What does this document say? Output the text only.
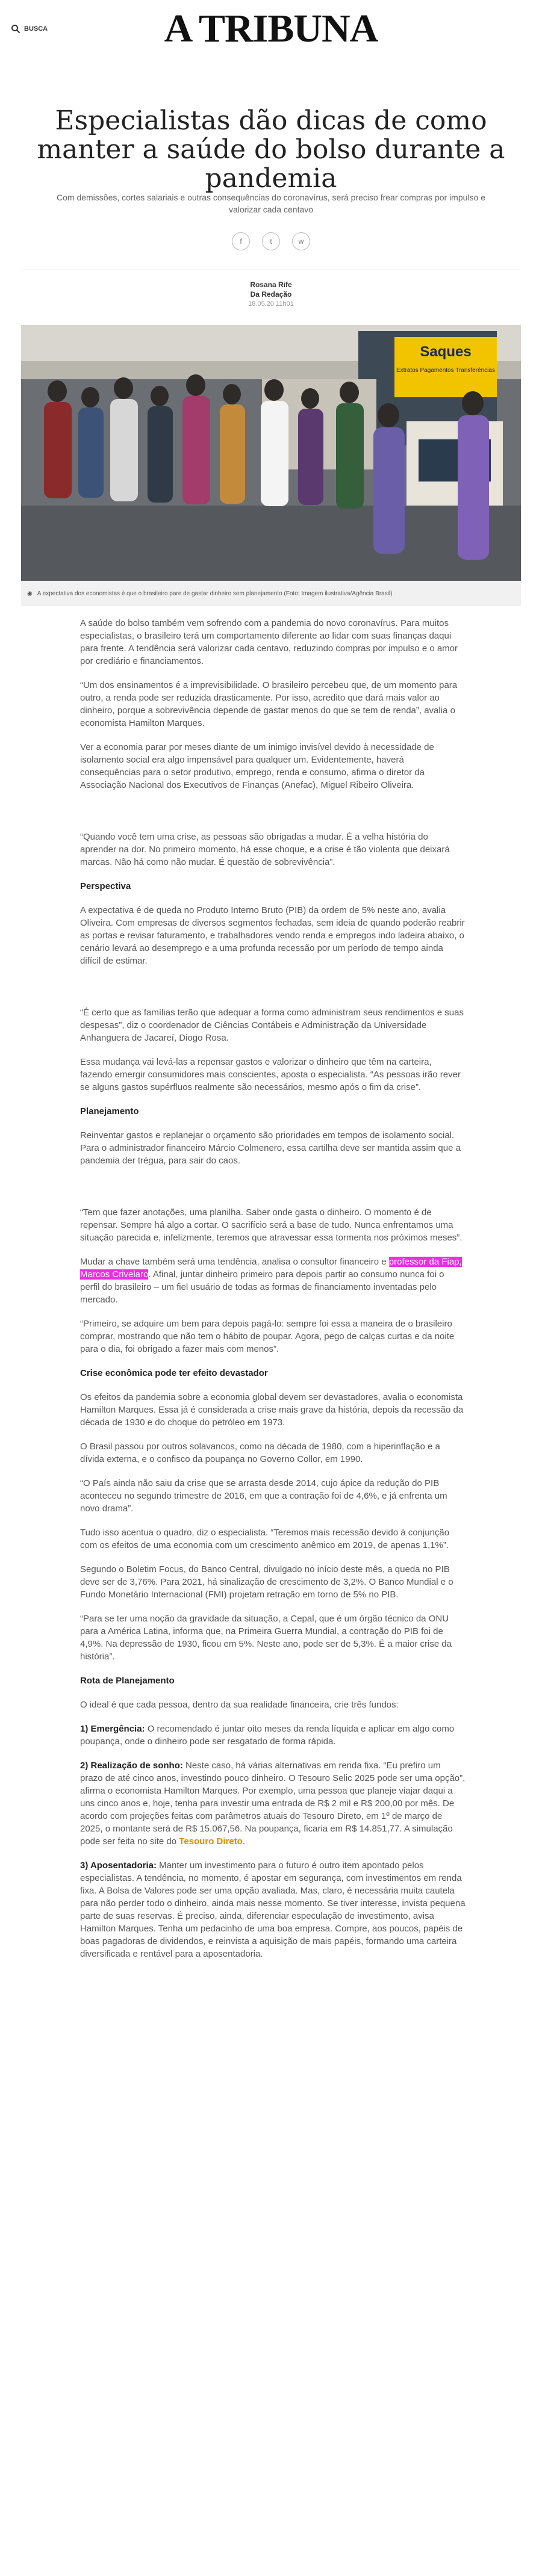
BUSCA	A TRIBUNA
Especialistas dão dicas de como manter a saúde do bolso durante a pandemia
Com demissões, cortes salariais e outras consequências do coronavírus, será preciso frear compras por impulso e valorizar cada centavo
f	t	w
Rosana Rife
Da Redação
18.05.20 11h01
Saques
Extratos Pagamentos Transferências
◉ A expectativa dos economistas é que o brasileiro pare de gastar dinheiro sem planejamento (Foto: Imagem ilustrativa/Agência Brasil)

A saúde do bolso também vem sofrendo com a pandemia do novo coronavírus. Para muitos especialistas, o brasileiro terá um comportamento diferente ao lidar com suas finanças daqui para frente. A tendência será valorizar cada centavo, reduzindo compras por impulso e o amor por crediário e financiamentos.

“Um dos ensinamentos é a imprevisibilidade. O brasileiro percebeu que, de um momento para outro, a renda pode ser reduzida drasticamente. Por isso, acredito que dará mais valor ao dinheiro, porque a sobrevivência depende de gastar menos do que se tem de renda”, avalia o economista Hamilton Marques.

Ver a economia parar por meses diante de um inimigo invisível devido à necessidade de isolamento social era algo impensável para qualquer um. Evidentemente, haverá consequências para o setor produtivo, emprego, renda e consumo, afirma o diretor da Associação Nacional dos Executivos de Finanças (Anefac), Miguel Ribeiro Oliveira.

“Quando você tem uma crise, as pessoas são obrigadas a mudar. É a velha história do aprender na dor. No primeiro momento, há esse choque, e a crise é tão violenta que deixará marcas. Não há como não mudar. É questão de sobrevivência”.

Perspectiva

A expectativa é de queda no Produto Interno Bruto (PIB) da ordem de 5% neste ano, avalia Oliveira. Com empresas de diversos segmentos fechadas, sem ideia de quando poderão reabrir as portas e revisar faturamento, e trabalhadores vendo renda e empregos indo ladeira abaixo, o cenário levará ao desemprego e a uma profunda recessão por um período de tempo ainda difícil de estimar.

“É certo que as famílias terão que adequar a forma como administram seus rendimentos e suas despesas”, diz o coordenador de Ciências Contábeis e Administração da Universidade Anhanguera de Jacareí, Diogo Rosa.

Essa mudança vai levá-las a repensar gastos e valorizar o dinheiro que têm na carteira, fazendo emergir consumidores mais conscientes, aposta o especialista. “As pessoas irão rever se alguns gastos supérfluos realmente são necessários, mesmo após o fim da crise”.

Planejamento

Reinventar gastos e replanejar o orçamento são prioridades em tempos de isolamento social. Para o administrador financeiro Márcio Colmenero, essa cartilha deve ser mantida assim que a pandemia der trégua, para sair do caos.

“Tem que fazer anotações, uma planilha. Saber onde gasta o dinheiro. O momento é de repensar. Sempre há algo a cortar. O sacrifício será a base de tudo. Nunca enfrentamos uma situação parecida e, infelizmente, teremos que atravessar essa tormenta nos próximos meses”.

Mudar a chave também será uma tendência, analisa o consultor financeiro e professor da Fiap, Marcos Crivelaro. Afinal, juntar dinheiro primeiro para depois partir ao consumo nunca foi o perfil do brasileiro – um fiel usuário de todas as formas de financiamento inventadas pelo mercado.

“Primeiro, se adquire um bem para depois pagá-lo: sempre foi essa a maneira de o brasileiro comprar, mostrando que não tem o hábito de poupar. Agora, pego de calças curtas e da noite para o dia, foi obrigado a fazer mais com menos”.

Crise econômica pode ter efeito devastador

Os efeitos da pandemia sobre a economia global devem ser devastadores, avalia o economista Hamilton Marques. Essa já é considerada a crise mais grave da história, depois da recessão da década de 1930 e do choque do petróleo em 1973.

O Brasil passou por outros solavancos, como na década de 1980, com a hiperinflação e a dívida externa, e o confisco da poupança no Governo Collor, em 1990.

“O País ainda não saiu da crise que se arrasta desde 2014, cujo ápice da redução do PIB aconteceu no segundo trimestre de 2016, em que a contração foi de 4,6%, e já enfrenta um novo drama”.

Tudo isso acentua o quadro, diz o especialista. “Teremos mais recessão devido à conjunção com os efeitos de uma economia com um crescimento anêmico em 2019, de apenas 1,1%”.

Segundo o Boletim Focus, do Banco Central, divulgado no início deste mês, a queda no PIB deve ser de 3,76%. Para 2021, há sinalização de crescimento de 3,2%. O Banco Mundial e o Fundo Monetário Internacional (FMI) projetam retração em torno de 5% no PIB.

“Para se ter uma noção da gravidade da situação, a Cepal, que é um órgão técnico da ONU para a América Latina, informa que, na Primeira Guerra Mundial, a contração do PIB foi de 4,9%. Na depressão de 1930, ficou em 5%. Neste ano, pode ser de 5,3%. É a maior crise da história”.

Rota de Planejamento

O ideal é que cada pessoa, dentro da sua realidade financeira, crie três fundos:

1) Emergência: O recomendado é juntar oito meses da renda líquida e aplicar em algo como poupança, onde o dinheiro pode ser resgatado de forma rápida.

2) Realização de sonho: Neste caso, há várias alternativas em renda fixa. “Eu prefiro um prazo de até cinco anos, investindo pouco dinheiro. O Tesouro Selic 2025 pode ser uma opção”, afirma o economista Hamilton Marques. Por exemplo, uma pessoa que planeje viajar daqui a uns cinco anos e, hoje, tenha para investir uma entrada de R$ 2 mil e R$ 200,00 por mês. De acordo com projeções feitas com parâmetros atuais do Tesouro Direto, em 1º de março de 2025, o montante será de R$ 15.067,56. Na poupança, ficaria em R$ 14.851,77. A simulação pode ser feita no site do Tesouro Direto.

3) Aposentadoria: Manter um investimento para o futuro é outro item apontado pelos especialistas. A tendência, no momento, é apostar em segurança, com investimentos em renda fixa. A Bolsa de Valores pode ser uma opção avaliada. Mas, claro, é necessária muita cautela para não perder todo o dinheiro, ainda mais nesse momento. Se tiver interesse, invista pequena parte de suas reservas. É preciso, ainda, diferenciar especulação de investimento, avisa Hamilton Marques. Tenha um pedacinho de uma boa empresa. Compre, aos poucos, papéis de boas pagadoras de dividendos, e reinvista a aquisição de mais papéis, formando uma carteira diversificada e rentável para a aposentadoria.
